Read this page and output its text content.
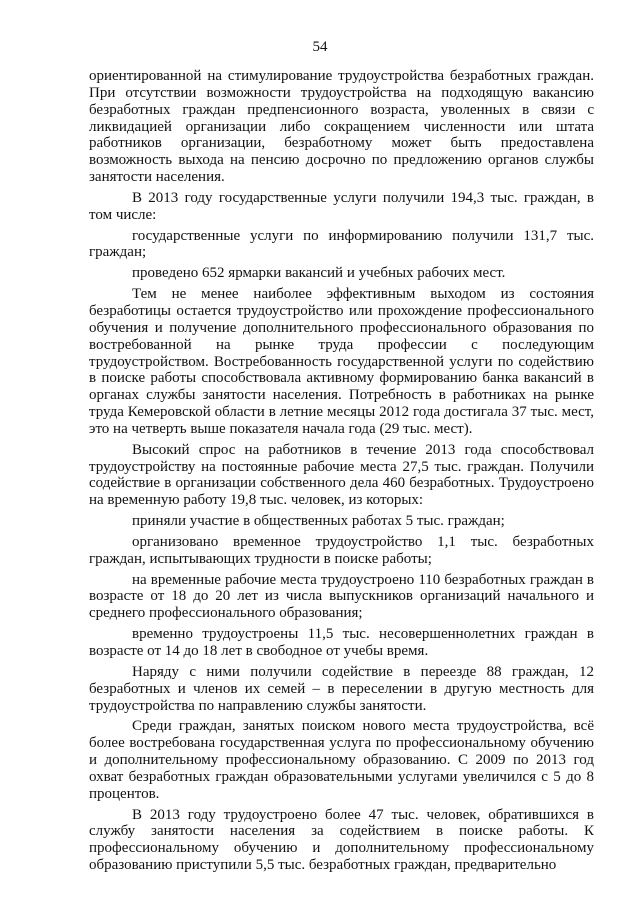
54

ориентированной на стимулирование трудоустройства безработных граждан. При отсутствии возможности трудоустройства на подходящую вакансию безработных граждан предпенсионного возраста, уволенных в связи с ликвидацией организации либо сокращением численности или штата работников организации, безработному может быть предоставлена возможность выхода на пенсию досрочно по предложению органов службы занятости населения.

В 2013 году государственные услуги получили 194,3 тыс. граждан, в том числе:

государственные услуги по информированию получили 131,7 тыс. граждан;

проведено 652 ярмарки вакансий и учебных рабочих мест.

Тем не менее наиболее эффективным выходом из состояния безработицы остается трудоустройство или прохождение профессионального обучения и получение дополнительного профессионального образования по востребованной на рынке труда профессии с последующим трудоустройством. Востребованность государственной услуги по содействию в поиске работы способствовала активному формированию банка вакансий в органах службы занятости населения. Потребность в работниках на рынке труда Кемеровской области в летние месяцы 2012 года достигала 37 тыс. мест, это на четверть выше показателя начала года (29 тыс. мест).

Высокий спрос на работников в течение 2013 года способствовал трудоустройству на постоянные рабочие места 27,5 тыс. граждан. Получили содействие в организации собственного дела 460 безработных. Трудоустроено на временную работу 19,8 тыс. человек, из которых:

приняли участие в общественных работах 5 тыс. граждан;

организовано временное трудоустройство 1,1 тыс. безработных граждан, испытывающих трудности в поиске работы;

на временные рабочие места трудоустроено 110 безработных граждан в возрасте от 18 до 20 лет из числа выпускников организаций начального и среднего профессионального образования;

временно трудоустроены 11,5 тыс. несовершеннолетних граждан в возрасте от 14 до 18 лет в свободное от учебы время.

Наряду с ними получили содействие в переезде 88 граждан, 12 безработных и членов их семей – в переселении в другую местность для трудоустройства по направлению службы занятости.

Среди граждан, занятых поиском нового места трудоустройства, всё более востребована государственная услуга по профессиональному обучению и дополнительному профессиональному образованию. С 2009 по 2013 год охват безработных граждан образовательными услугами увеличился с 5 до 8 процентов.

В 2013 году трудоустроено более 47 тыс. человек, обратившихся в службу занятости населения за содействием в поиске работы. К профессиональному обучению и дополнительному профессиональному образованию приступили 5,5 тыс. безработных граждан, предварительно
